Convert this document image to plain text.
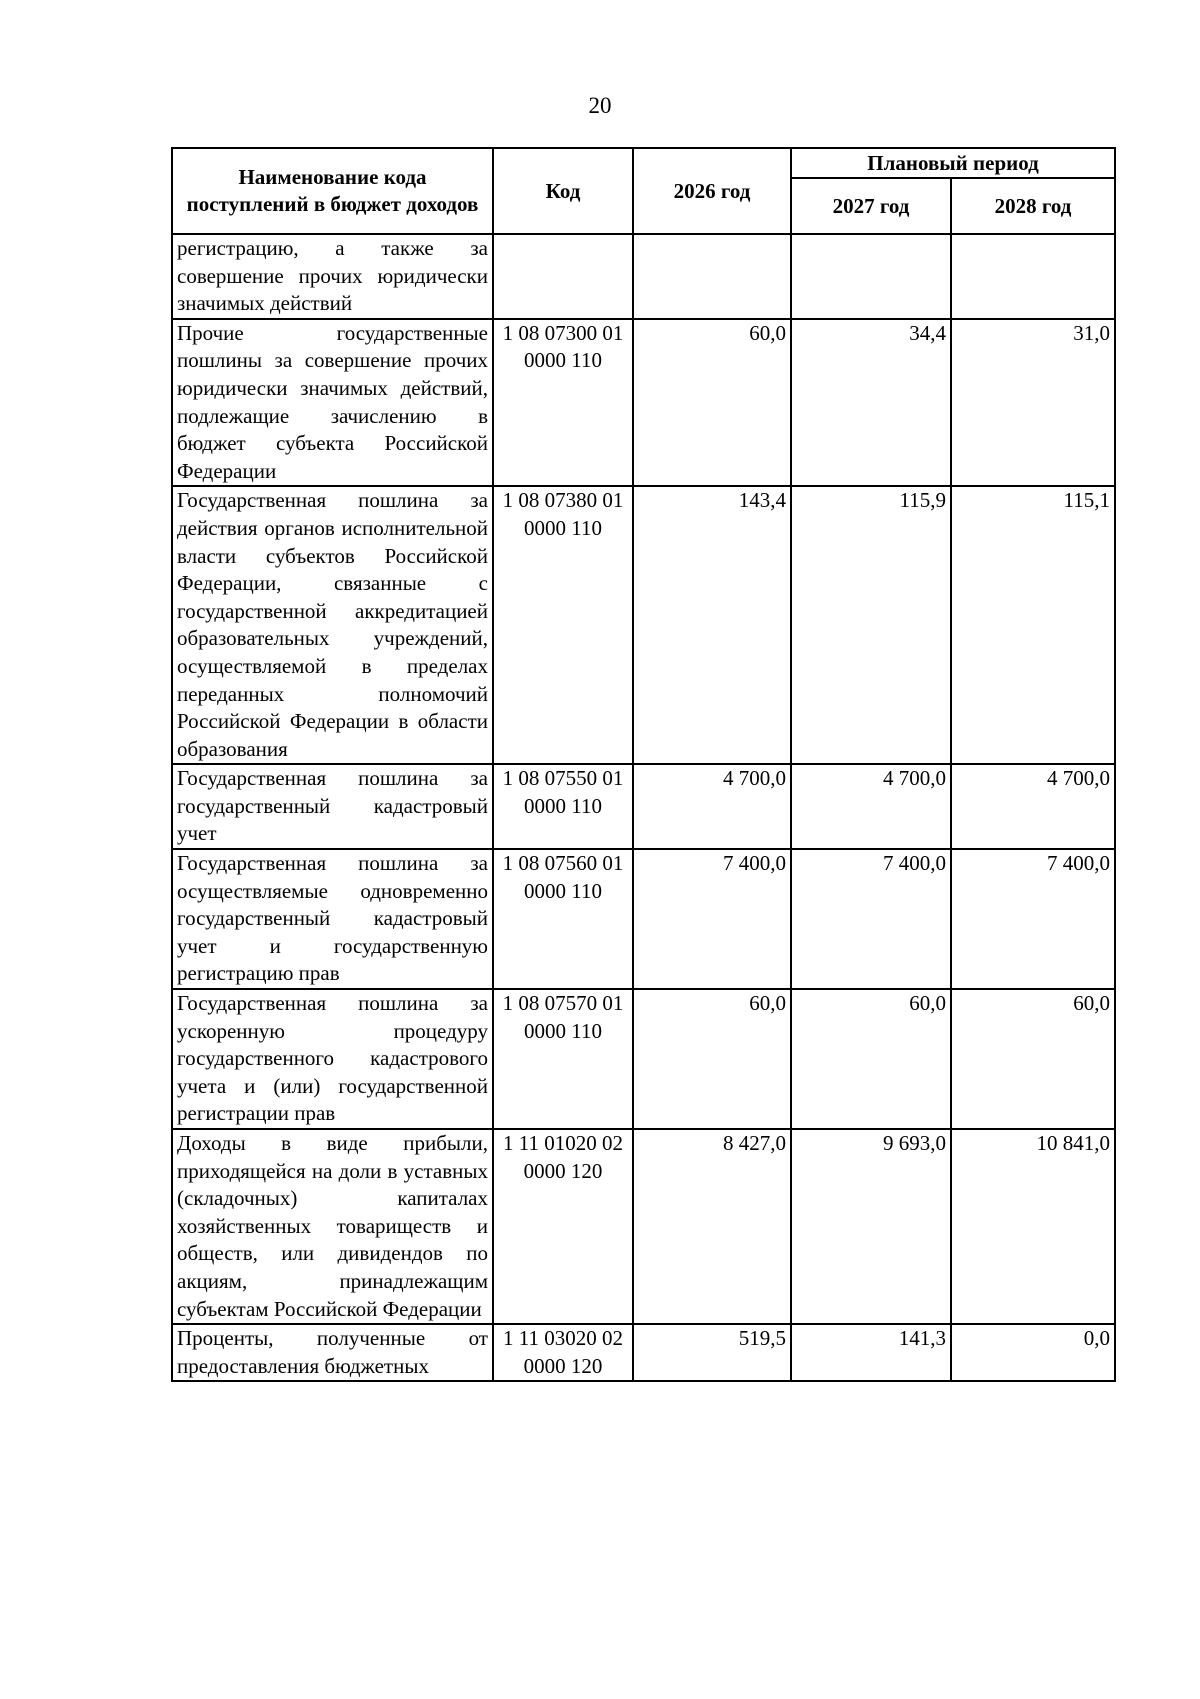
20
Наименование кода поступлений в бюджет доходов	Код	2026 год	Плановый период	
			2027 год	2028 год
регистрацию, а также за совершение прочих юридически значимых действий				
Прочие государственные пошлины за совершение прочих юридически значимых действий, подлежащие зачислению в бюджет субъекта Российской Федерации	1 08 07300 01 0000 110	60,0	34,4	31,0
Государственная пошлина за действия органов исполнительной власти субъектов Российской Федерации, связанные с государственной аккредитацией образовательных учреждений, осуществляемой в пределах переданных полномочий Российской Федерации в области образования	1 08 07380 01 0000 110	143,4	115,9	115,1
Государственная пошлина за государственный кадастровый учет	1 08 07550 01 0000 110	4 700,0	4 700,0	4 700,0
Государственная пошлина за осуществляемые одновременно государственный кадастровый учет и государственную регистрацию прав	1 08 07560 01 0000 110	7 400,0	7 400,0	7 400,0
Государственная пошлина за ускоренную процедуру государственного кадастрового учета и (или) государственной регистрации прав	1 08 07570 01 0000 110	60,0	60,0	60,0
Доходы в виде прибыли, приходящейся на доли в уставных (складочных) капиталах хозяйственных товариществ и обществ, или дивидендов по акциям, принадлежащим субъектам Российской Федерации	1 11 01020 02 0000 120	8 427,0	9 693,0	10 841,0
Проценты, полученные от предоставления бюджетных	1 11 03020 02 0000 120	519,5	141,3	0,0
